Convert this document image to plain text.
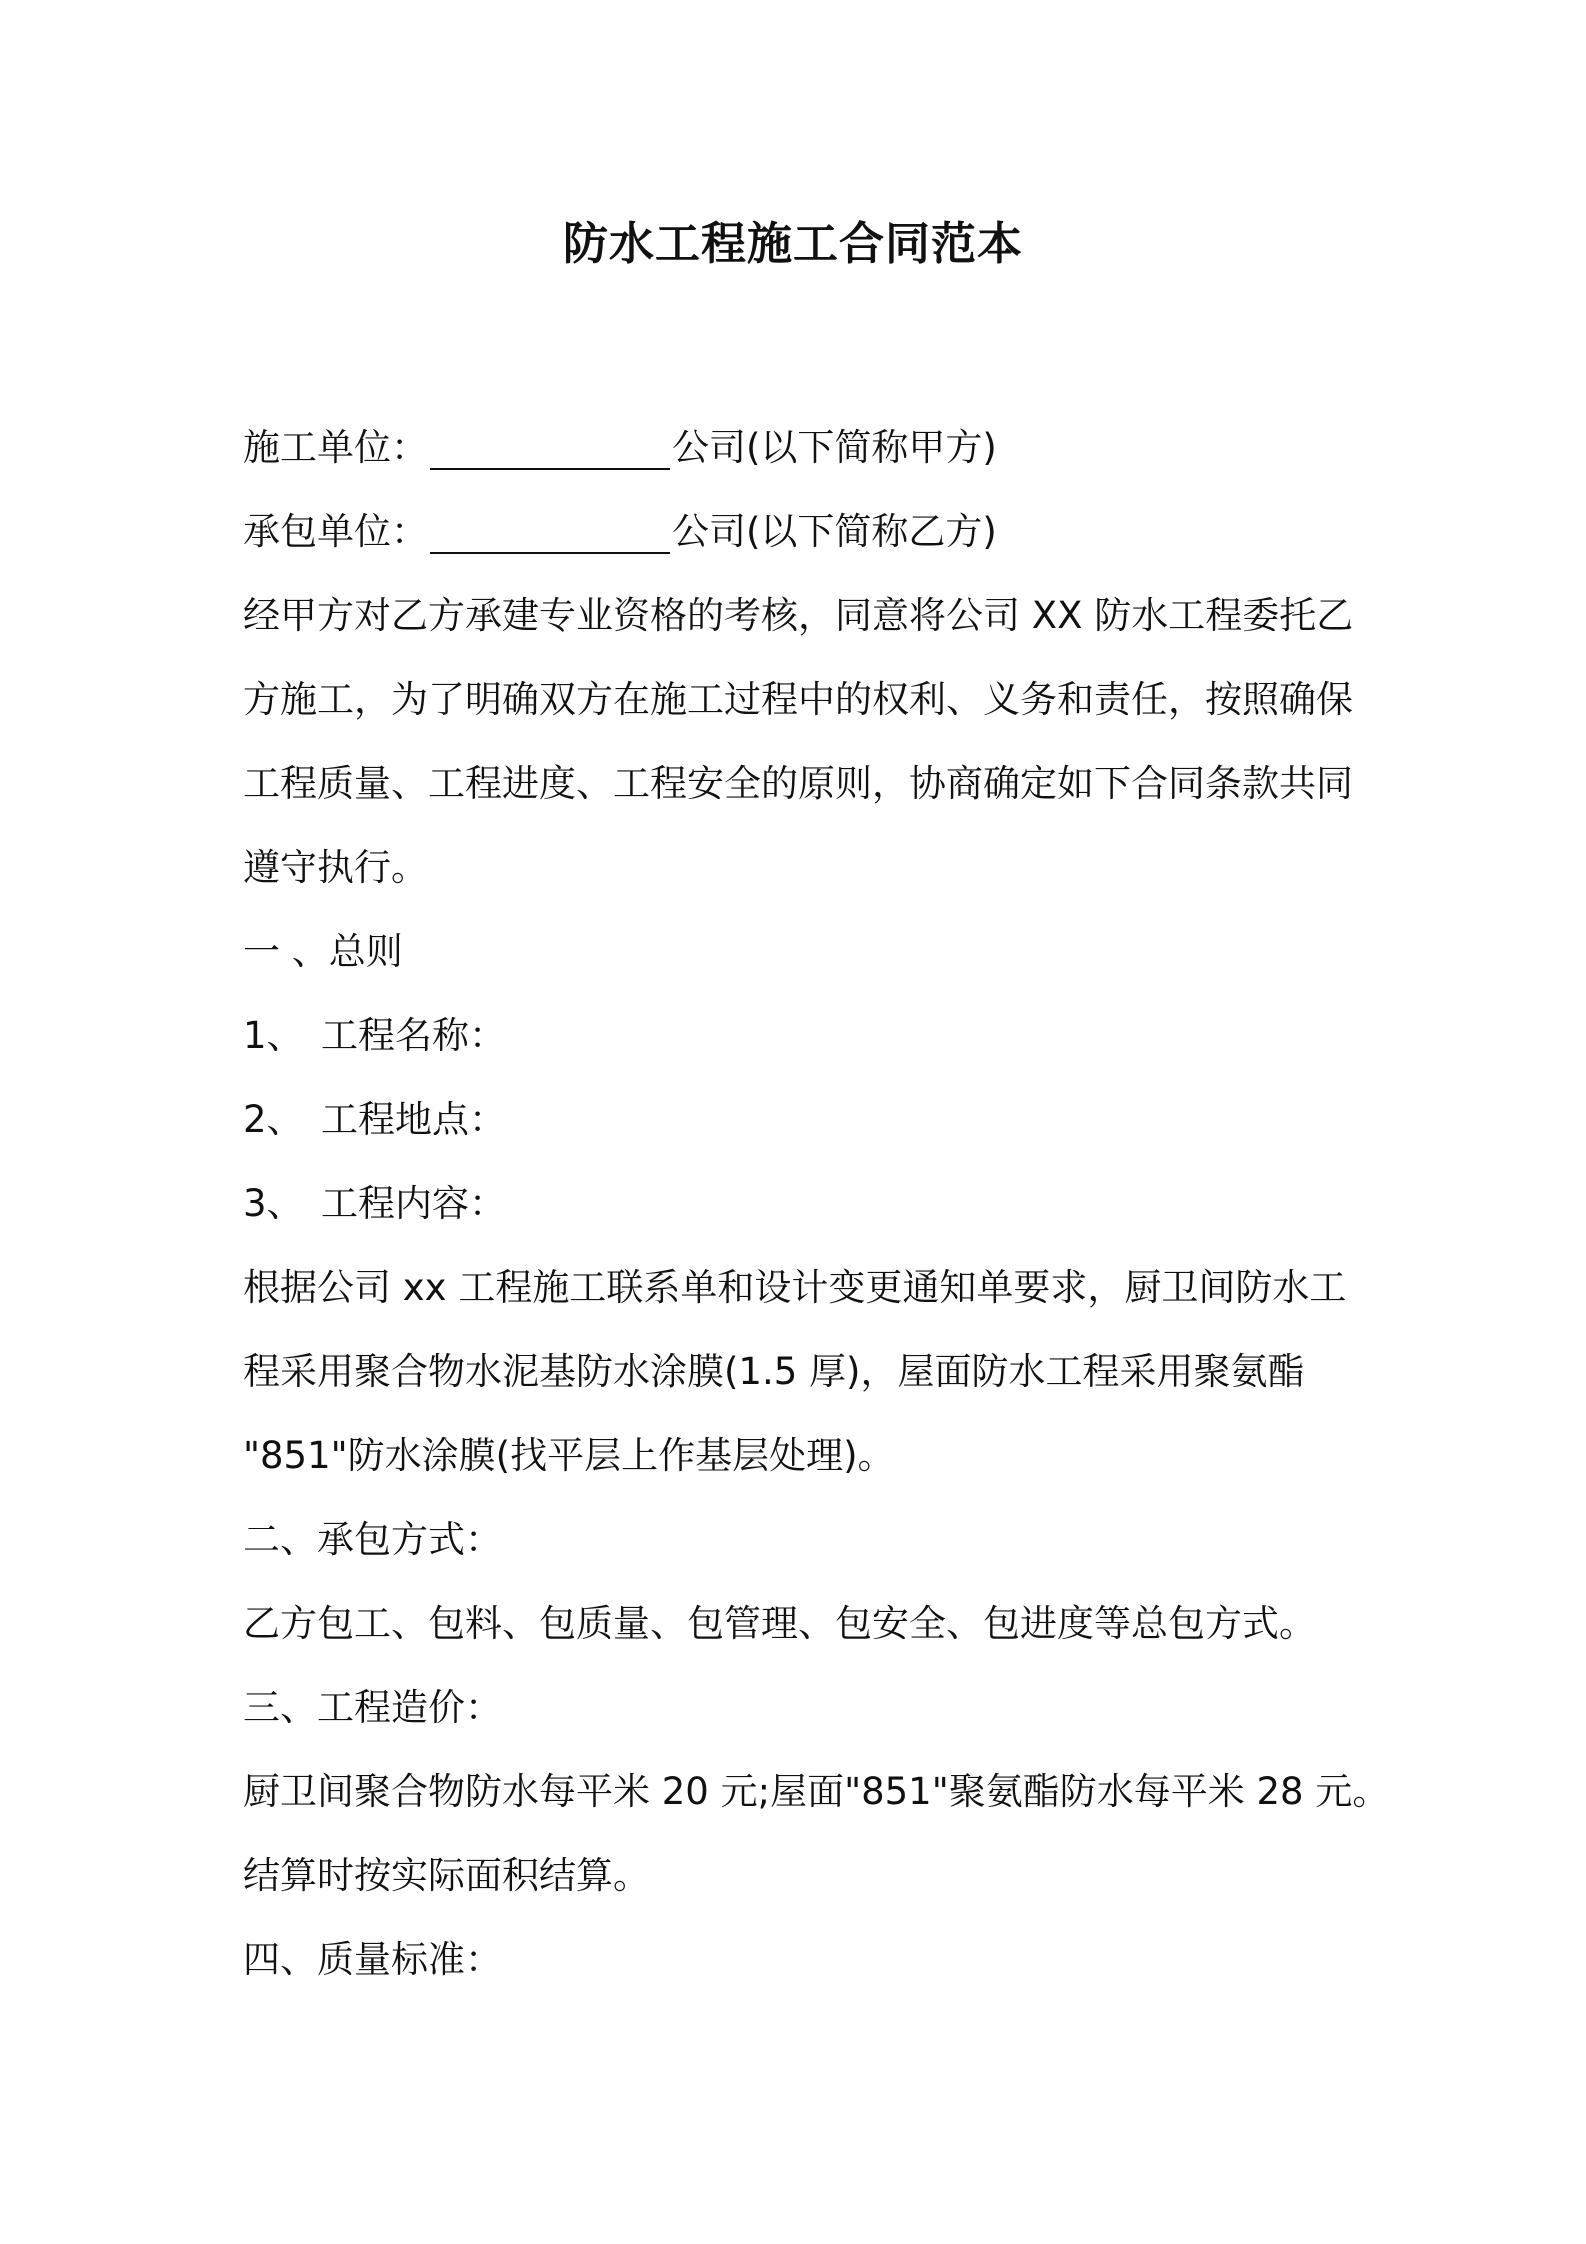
防水工程施工合同范本
施工单位：	公司(以下简称甲方)
承包单位：	公司(以下简称乙方)
经甲方对乙方承建专业资格的考核，同意将公司 XX 防水工程委托乙
方施工，为了明确双方在施工过程中的权利、义务和责任，按照确保
工程质量、工程进度、工程安全的原则，协商确定如下合同条款共同
遵守执行。
一 、总则
1、 工程名称：
2、 工程地点：
3、 工程内容：
根据公司 xx 工程施工联系单和设计变更通知单要求，厨卫间防水工
程采用聚合物水泥基防水涂膜(1.5 厚)，屋面防水工程采用聚氨酯
"851"防水涂膜(找平层上作基层处理)。
二、承包方式：
乙方包工、包料、包质量、包管理、包安全、包进度等总包方式。
三、工程造价：
厨卫间聚合物防水每平米 20 元;屋面"851"聚氨酯防水每平米 28 元。
结算时按实际面积结算。
四、质量标准：
